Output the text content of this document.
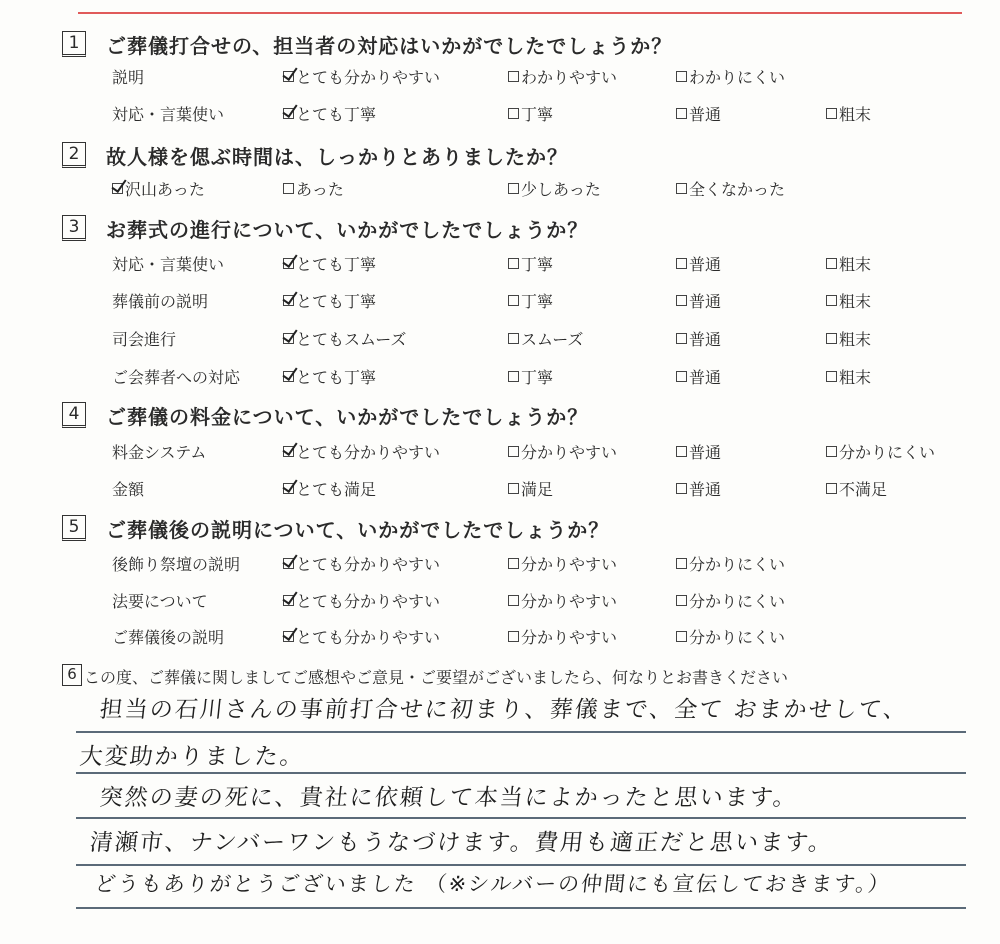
1	ご葬儀打合せの、担当者の対応はいかがでしたでしょうか？
説明	とても分かりやすい	わかりやすい	わかりにくい
対応・言葉使い	とても丁寧	丁寧	普通	粗末
2	故人様を偲ぶ時間は、しっかりとありましたか？
沢山あった	あった	少しあった	全くなかった
3	お葬式の進行について、いかがでしたでしょうか？
対応・言葉使い	とても丁寧	丁寧	普通	粗末
葬儀前の説明	とても丁寧	丁寧	普通	粗末
司会進行	とてもスムーズ	スムーズ	普通	粗末
ご会葬者への対応	とても丁寧	丁寧	普通	粗末
4	ご葬儀の料金について、いかがでしたでしょうか？
料金システム	とても分かりやすい	分かりやすい	普通	分かりにくい
金額	とても満足	満足	普通	不満足
5	ご葬儀後の説明について、いかがでしたでしょうか？
後飾り祭壇の説明	とても分かりやすい	分かりやすい	分かりにくい
法要について	とても分かりやすい	分かりやすい	分かりにくい
ご葬儀後の説明	とても分かりやすい	分かりやすい	分かりにくい
6 この度、ご葬儀に関しましてご感想やご意見・ご要望がございましたら、何なりとお書きください
担当の石川さんの事前打合せに初まり、葬儀まで、全て おまかせして、
大変助かりました。
突然の妻の死に、貴社に依頼して本当によかったと思います。
清瀬市、ナンバーワンもうなづけます。費用も適正だと思います。
どうもありがとうございました （※シルバーの仲間にも宣伝しておきます。）
